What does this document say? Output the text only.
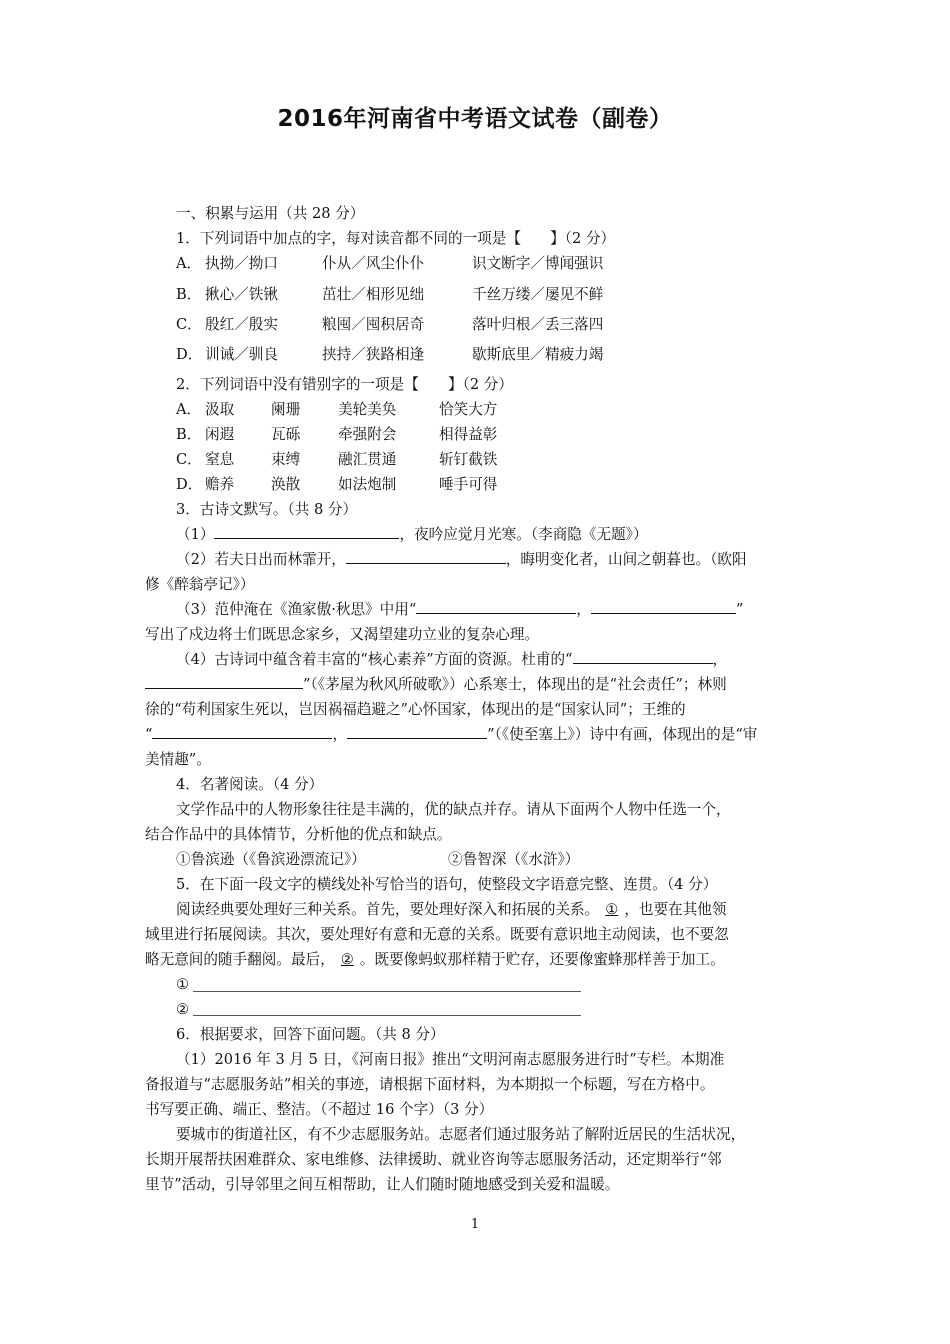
2016年河南省中考语文试卷（副卷）
一、积累与运用（共 28 分）
1．下列词语中加点的字，每对读音都不同的一项是【　　】（2 分）
A． 执拗／拗口	仆从／风尘仆仆	识文断字／博闻强识
B． 揪心／铁锹	茁壮／相形见绌	千丝万缕／屡见不鲜
C． 殷红／殷实	粮囤／囤积居奇	落叶归根／丢三落四
D． 训诫／驯良	挟持／狭路相逢	歇斯底里／精疲力竭
2．下列词语中没有错别字的一项是【　　】（2 分）
A． 汲取	阑珊	美轮美奂	恰笑大方
B． 闲遐	瓦砾	牵强附会	相得益彰
C． 窒息	束缚	融汇贯通	斩钉截铁
D． 赡养	涣散	如法炮制	唾手可得
3．古诗文默写。（共 8 分）
（1）	，夜吟应觉月光寒。（李商隐《无题》）
（2）若夫日出而林霏开，	，晦明变化者，山间之朝暮也。（欧阳
修《醉翁亭记》）
（3）范仲淹在《渔家傲·秋思》中用“	，	”
写出了戍边将士们既思念家乡，又渴望建功立业的复杂心理。
（4）古诗词中蕴含着丰富的“核心素养”方面的资源。杜甫的“	，
”（《茅屋为秋风所破歌》）心系寒士，体现出的是“社会责任”；林则
徐的“苟利国家生死以，岂因祸福趋避之”心怀国家，体现出的是“国家认同”；王维的
“	，	”（《使至塞上》）诗中有画，体现出的是“审
美情趣”。
4．名著阅读。（4 分）
文学作品中的人物形象往往是丰满的，优的缺点并存。请从下面两个人物中任选一个，
结合作品中的具体情节，分析他的优点和缺点。
①鲁滨逊（《鲁滨逊漂流记》）	②鲁智深（《水浒》）
5．在下面一段文字的横线处补写恰当的语句，使整段文字语意完整、连贯。（4 分）
阅读经典要处理好三种关系。首先，要处理好深入和拓展的关系。 ① ，也要在其他领
域里进行拓展阅读。其次，要处理好有意和无意的关系。既要有意识地主动阅读，也不要忽
略无意间的随手翻阅。最后， ② 。既要像蚂蚁那样精于贮存，还要像蜜蜂那样善于加工。
①
②
6．根据要求，回答下面问题。（共 8 分）
（1）2016 年 3 月 5 日，《河南日报》推出“文明河南志愿服务进行时”专栏。本期准
备报道与“志愿服务站”相关的事迹，请根据下面材料，为本期拟一个标题，写在方格中。
书写要正确、端正、整洁。（不超过 16 个字）（3 分）
要城市的街道社区，有不少志愿服务站。志愿者们通过服务站了解附近居民的生活状况，
长期开展帮扶困难群众、家电维修、法律援助、就业咨询等志愿服务活动，还定期举行“邻
里节”活动，引导邻里之间互相帮助，让人们随时随地感受到关爱和温暖。
1
